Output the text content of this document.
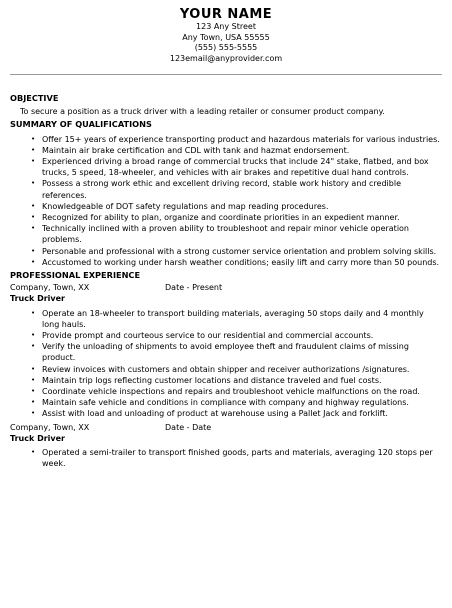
YOUR NAME
123 Any Street
Any Town, USA 55555
(555) 555-5555
123email@anyprovider.com
OBJECTIVE
To secure a position as a truck driver with a leading retailer or consumer product company.
SUMMARY OF QUALIFICATIONS
• Offer 15+ years of experience transporting product and hazardous materials for various industries.
• Maintain air brake certification and CDL with tank and hazmat endorsement.
• Experienced driving a broad range of commercial trucks that include 24" stake, flatbed, and box trucks, 5 speed, 18-wheeler, and vehicles with air brakes and repetitive dual hand controls.
• Possess a strong work ethic and excellent driving record, stable work history and credible references.
• Knowledgeable of DOT safety regulations and map reading procedures.
• Recognized for ability to plan, organize and coordinate priorities in an expedient manner.
• Technically inclined with a proven ability to troubleshoot and repair minor vehicle operation problems.
• Personable and professional with a strong customer service orientation and problem solving skills.
• Accustomed to working under harsh weather conditions; easily lift and carry more than 50 pounds.
PROFESSIONAL EXPERIENCE
Company, Town, XX	Date - Present
Truck Driver
• Operate an 18-wheeler to transport building materials, averaging 50 stops daily and 4 monthly long hauls.
• Provide prompt and courteous service to our residential and commercial accounts.
• Verify the unloading of shipments to avoid employee theft and fraudulent claims of missing product.
• Review invoices with customers and obtain shipper and receiver authorizations /signatures.
• Maintain trip logs reflecting customer locations and distance traveled and fuel costs.
• Coordinate vehicle inspections and repairs and troubleshoot vehicle malfunctions on the road.
• Maintain safe vehicle and conditions in compliance with company and highway regulations.
• Assist with load and unloading of product at warehouse using a Pallet Jack and forklift.
Company, Town, XX	Date - Date
Truck Driver
• Operated a semi-trailer to transport finished goods, parts and materials, averaging 120 stops per week.
